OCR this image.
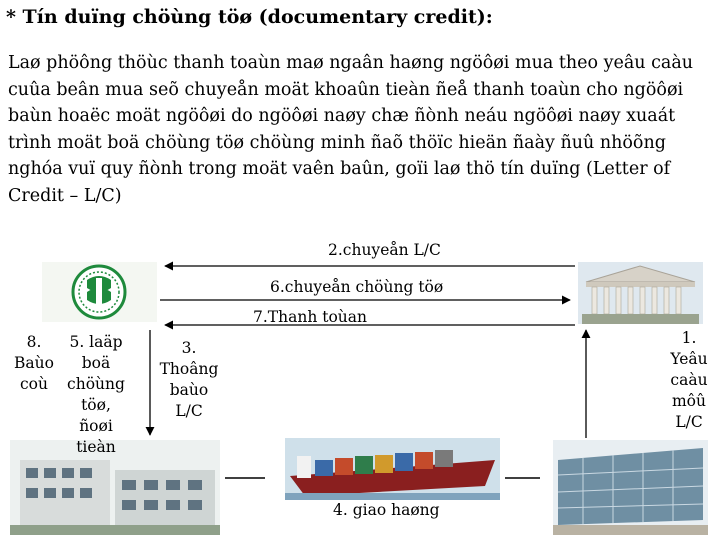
* Tín duïng chöùng töø (documentary credit):
Laø phöông thöùc thanh toaùn maø ngaân haøng ngöôøi mua theo yeâu caàu cuûa beân mua seõ chuyeån moät khoaûn tieàn ñeå thanh toaùn cho ngöôøi baùn hoaëc moät ngöôøi do ngöôøi naøy chæ ñònh neáu ngöôøi naøy xuaát trình moät boä chöùng töø chöùng minh ñaõ thöïc hieän ñaày ñuû nhöõng nghóa vuï quy ñònh trong moät vaên baûn, goïi laø thö tín duïng (Letter of Credit – L/C)
2.chuyeån L/C
6.chuyeån chöùng töø
7.Thanh toùan
8.
Baùo
coù
5. laäp
boä
chöùng
töø,
ñoøi
tieàn
3.
Thoâng
baùo
L/C
1.
Yeâu
caàu
môû
L/C
4. giao haøng
